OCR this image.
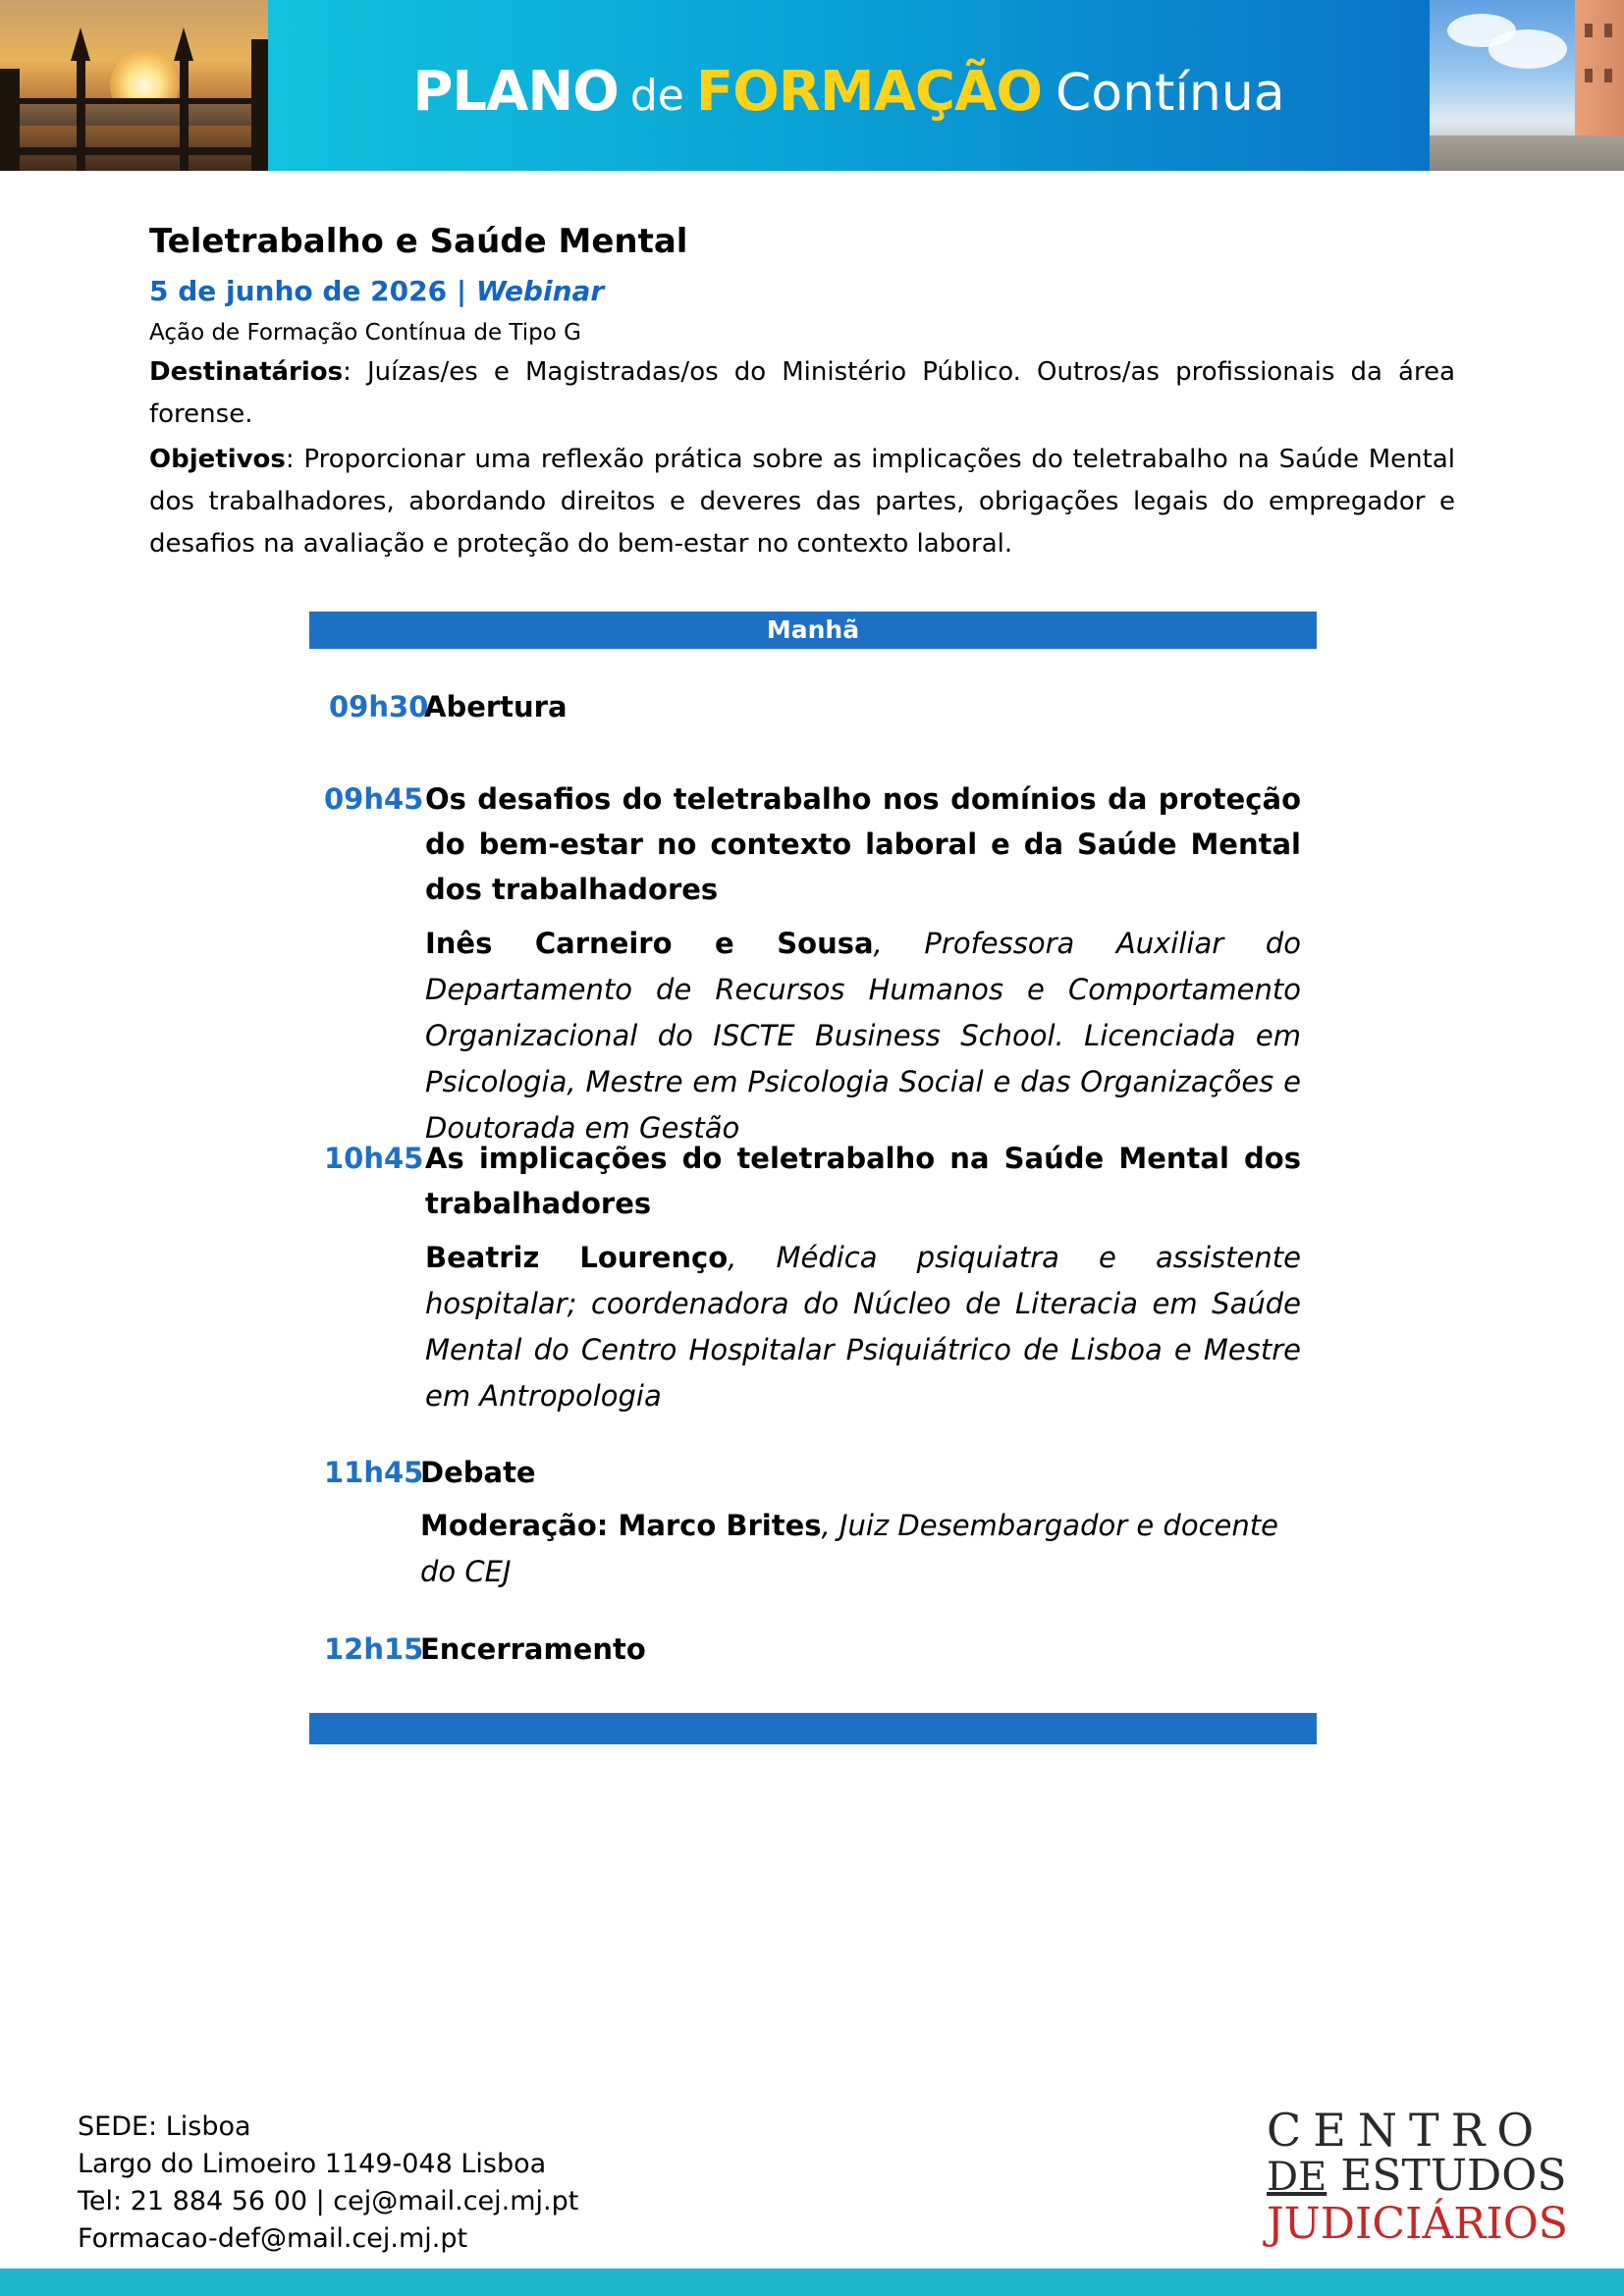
PLANO de FORMAÇÃO Contínua
Teletrabalho e Saúde Mental
5 de junho de 2026 | Webinar
Ação de Formação Contínua de Tipo G
Destinatários: Juízas/es e Magistradas/os do Ministério Público. Outros/as profissionais da área forense.
Objetivos: Proporcionar uma reflexão prática sobre as implicações do teletrabalho na Saúde Mental dos trabalhadores, abordando direitos e deveres das partes, obrigações legais do empregador e desafios na avaliação e proteção do bem-estar no contexto laboral.
Manhã
09h30
Abertura
09h45 Os desafios do teletrabalho nos domínios da proteção do bem-estar no contexto laboral e da Saúde Mental dos trabalhadores
Inês Carneiro e Sousa, Professora Auxiliar do Departamento de Recursos Humanos e Comportamento Organizacional do ISCTE Business School. Licenciada em Psicologia, Mestre em Psicologia Social e das Organizações e Doutorada em Gestão
10h45 As implicações do teletrabalho na Saúde Mental dos trabalhadores
Beatriz Lourenço, Médica psiquiatra e assistente hospitalar; coordenadora do Núcleo de Literacia em Saúde Mental do Centro Hospitalar Psiquiátrico de Lisboa e Mestre em Antropologia
11h45
Debate
Moderação: Marco Brites, Juiz Desembargador e docente do CEJ
12h15
Encerramento
SEDE: Lisboa
Largo do Limoeiro 1149-048 Lisboa
Tel: 21 884 56 00 | cej@mail.cej.mj.pt
Formacao-def@mail.cej.mj.pt
CENTRO
DE ESTUDOS
JUDICIÁRIOS
